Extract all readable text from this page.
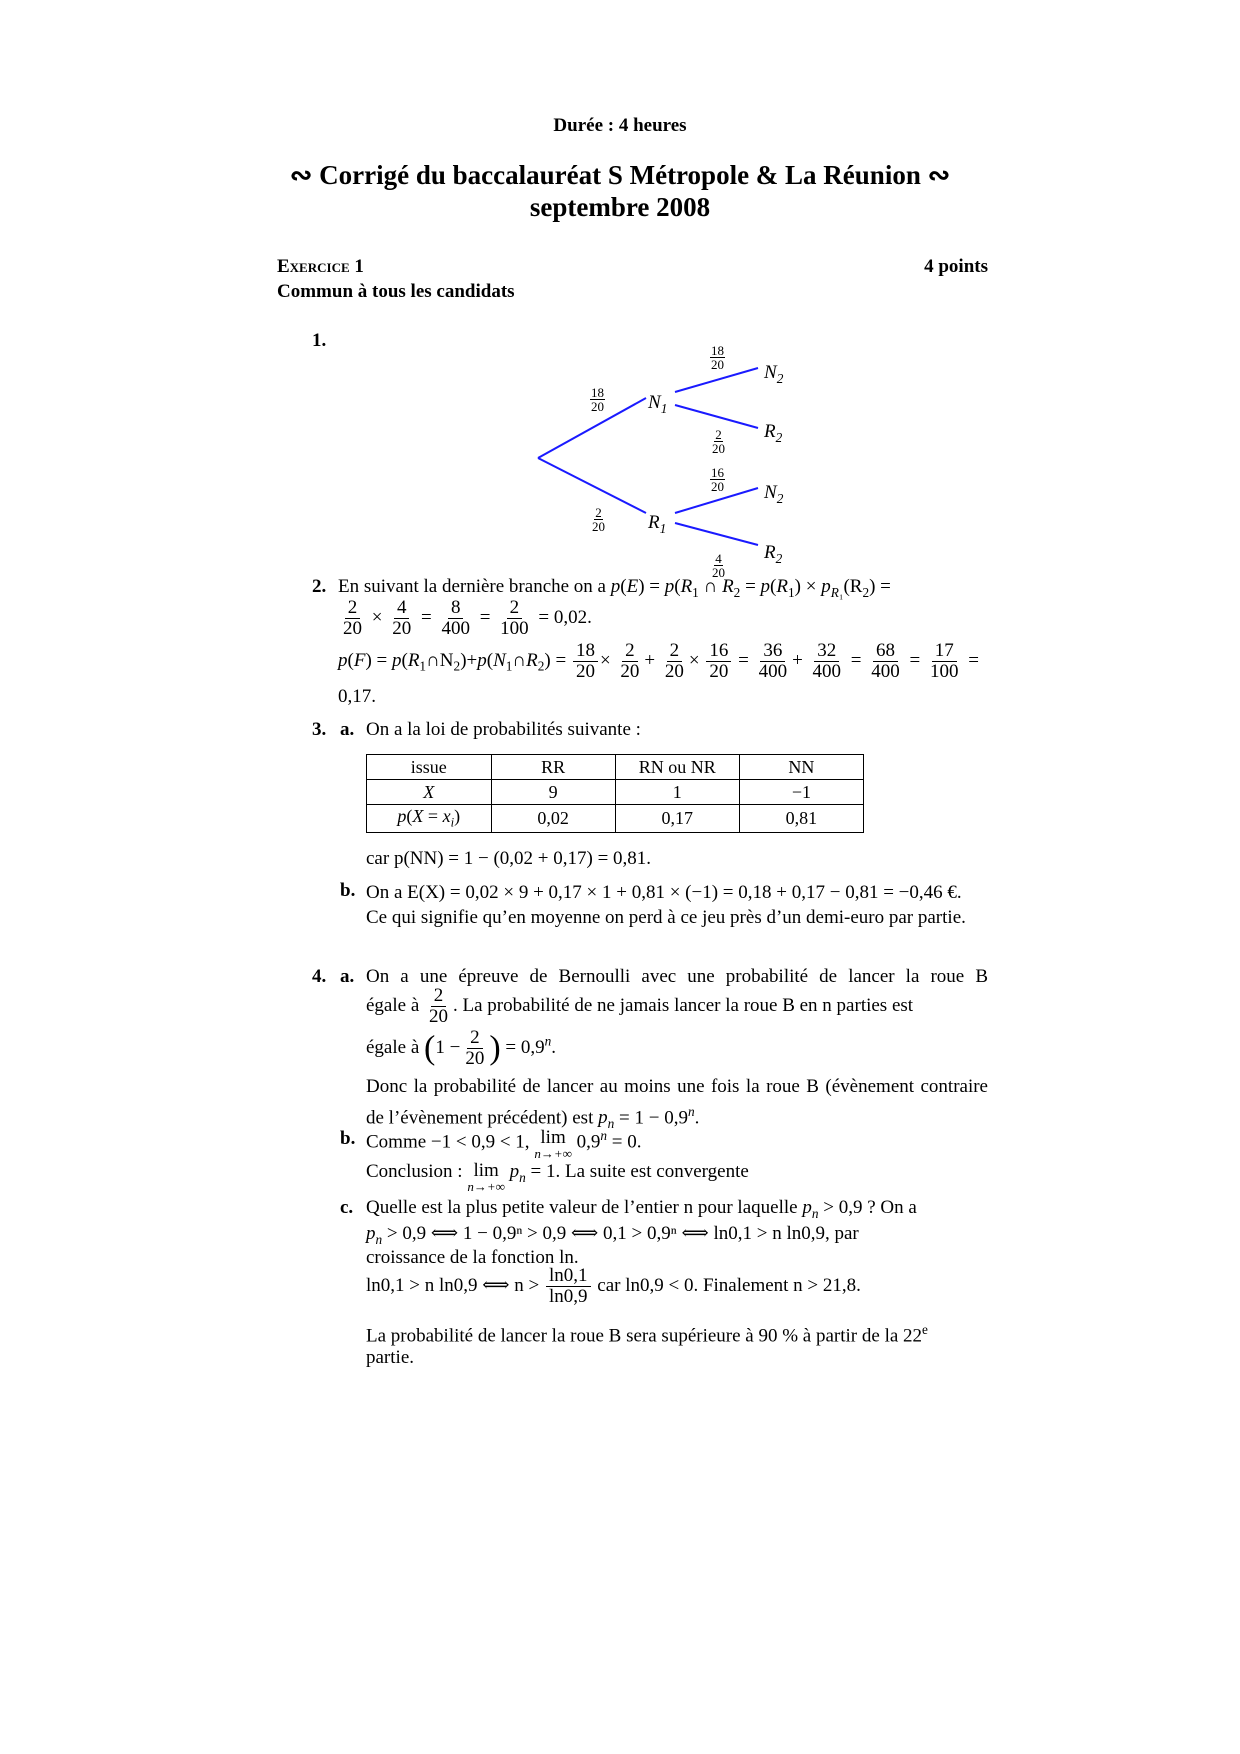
Durée : 4 heures
∾ Corrigé du baccalauréat S Métropole & La Réunion ∾
septembre 2008
Exercice 1	4 points
Commun à tous les candidats
1.
$\frac{18}{20}$
$\frac{2}{20}$
$\frac{18}{20}$
$\frac{2}{20}$
$\frac{16}{20}$
$\frac{4}{20}$
$N_1$
$R_1$
$N_2$
$R_2$
$N_2$
$R_2$
2. En suivant la dernière branche on a $p(E) = p(R_1$ ∩ $R_2 = p(R_1) \times p_{R_1}(R_2)$ =
$\frac{2}{20} \times \frac{4}{20} = \frac{8}{400} = \frac{2}{100} = 0,02$.
$p(F) = p(R_1\cap N_2)+p(N_1\cap R_2) = \frac{18}{20} \times \frac{2}{20} + \frac{2}{20} \times \frac{16}{20} = \frac{36}{400} + \frac{32}{400} = \frac{68}{400} = \frac{17}{100}$ =
0,17.
3. a. On a la loi de probabilités suivante :
issue	RR	RN ou NR	NN
X	9	1	−1
$p(X = x_i)$	0,02	0,17	0,81
car p(NN) = 1 − (0,02 + 0,17) = 0,81.
b. On a E(X) = 0,02 × 9 + 0,17 × 1 + 0,81 × (−1) = 0,18 + 0,17 − 0,81 = −0,46 €.
Ce qui signifie qu’en moyenne on perd à ce jeu près d’un demi-euro par partie.
4. a. On a une épreuve de Bernoulli avec une probabilité de lancer la roue B
égale à $\frac{2}{20}$ . La probabilité de ne jamais lancer la roue B en n parties est
égale à ($1 - \frac{2}{20}$ ) = $0,9^n$.
Donc la probabilité de lancer au moins une fois la roue B (évènement contraire de l’évènement précédent) est $p_n = 1 - 0,9^n$.
b. Comme −1 < 0,9 < 1, lim
n→+∞
$0,9^n = 0$.
Conclusion : lim
n→+∞
$p_n = 1$. La suite est convergente
c. Quelle est la plus petite valeur de l’entier n pour laquelle $p_n > 0,9$ ? On a
$p_n > 0,9$ ⟺ 1 − 0,9ⁿ > 0,9 ⟺ 0,1 > 0,9ⁿ ⟺ ln0,1 > n ln0,9, par
croissance de la fonction ln.
ln0,1 > n ln0,9 ⟺ $n > \frac{\ln 0,1}{\ln 0,9}$ car ln0,9 < 0. Finalement n > 21,8.
La probabilité de lancer la roue B sera supérieure à 90 % à partir de la 22e
partie.
